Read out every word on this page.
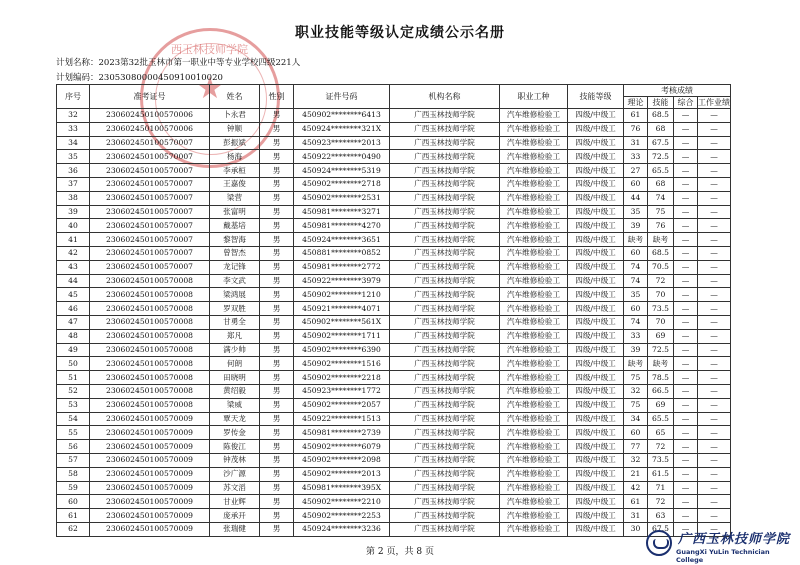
西玉林技师学院
★
职业技能等级认定成绩公示名册
计划名称：2023第32批玉林市第一职业中等专业学校四级221人
计划编码：23053080000450910010020
序号	准考证号	姓名	性别	证件号码	机构名称	职业工种	技能等级	考核成绩			
								理论	技能	综合	工作业绩
32	230602450100570006	卜永君	男	450902********6413	广西玉林技师学院	汽车维修检验工	四级/中级工	61	68.5	—	—
33	230602450100570006	钟顺	男	450924********321X	广西玉林技师学院	汽车维修检验工	四级/中级工	76	68	—	—
34	230602450100570007	彭振斌	男	450923********2013	广西玉林技师学院	汽车维修检验工	四级/中级工	31	67.5	—	—
35	230602450100570007	杨海	男	450922********0490	广西玉林技师学院	汽车维修检验工	四级/中级工	33	72.5	—	—
36	230602450100570007	李承桓	男	450924********5319	广西玉林技师学院	汽车维修检验工	四级/中级工	27	65.5	—	—
37	230602450100570007	王嘉俊	男	450902********2718	广西玉林技师学院	汽车维修检验工	四级/中级工	60	68	—	—
38	230602450100570007	梁营	男	450902********2531	广西玉林技师学院	汽车维修检验工	四级/中级工	44	74	—	—
39	230602450100570007	张富明	男	450981********3271	广西玉林技师学院	汽车维修检验工	四级/中级工	35	75	—	—
40	230602450100570007	戴基培	男	450981********4270	广西玉林技师学院	汽车维修检验工	四级/中级工	39	76	—	—
41	230602450100570007	黎智海	男	450924********3651	广西玉林技师学院	汽车维修检验工	四级/中级工	缺考	缺考	—	—
42	230602450100570007	曾智杰	男	450881********0852	广西玉林技师学院	汽车维修检验工	四级/中级工	60	68.5	—	—
43	230602450100570007	龙记锋	男	450981********2772	广西玉林技师学院	汽车维修检验工	四级/中级工	74	70.5	—	—
44	230602450100570008	李文武	男	450922********3979	广西玉林技师学院	汽车维修检验工	四级/中级工	74	72	—	—
45	230602450100570008	梁鸿展	男	450902********1210	广西玉林技师学院	汽车维修检验工	四级/中级工	35	70	—	—
46	230602450100570008	罗双胜	男	450921********4071	广西玉林技师学院	汽车维修检验工	四级/中级工	60	73.5	—	—
47	230602450100570008	甘勇全	男	450902********561X	广西玉林技师学院	汽车维修检验工	四级/中级工	74	70	—	—
48	230602450100570008	郑凡	男	450902********1711	广西玉林技师学院	汽车维修检验工	四级/中级工	33	69	—	—
49	230602450100570008	满少帅	男	450902********6390	广西玉林技师学院	汽车维修检验工	四级/中级工	39	72.5	—	—
50	230602450100570008	何朗	男	450902********1516	广西玉林技师学院	汽车维修检验工	四级/中级工	缺考	缺考	—	—
51	230602450100570008	田晓明	男	450902********2218	广西玉林技师学院	汽车维修检验工	四级/中级工	75	78.5	—	—
52	230602450100570008	黄绍毅	男	450923********1772	广西玉林技师学院	汽车维修检验工	四级/中级工	32	66.5	—	—
53	230602450100570008	梁威	男	450902********2057	广西玉林技师学院	汽车维修检验工	四级/中级工	75	69	—	—
54	230602450100570009	覃天龙	男	450922********1513	广西玉林技师学院	汽车维修检验工	四级/中级工	34	65.5	—	—
55	230602450100570009	罗传金	男	450981********2739	广西玉林技师学院	汽车维修检验工	四级/中级工	60	65	—	—
56	230602450100570009	陈俊江	男	450902********6079	广西玉林技师学院	汽车维修检验工	四级/中级工	77	72	—	—
57	230602450100570009	钟茂林	男	450902********2098	广西玉林技师学院	汽车维修检验工	四级/中级工	32	73.5	—	—
58	230602450100570009	沙广源	男	450902********2013	广西玉林技师学院	汽车维修检验工	四级/中级工	21	61.5	—	—
59	230602450100570009	苏文滔	男	450981********395X	广西玉林技师学院	汽车维修检验工	四级/中级工	42	71	—	—
60	230602450100570009	甘业辉	男	450902********2210	广西玉林技师学院	汽车维修检验工	四级/中级工	61	72	—	—
61	230602450100570009	庞承开	男	450902********2253	广西玉林技师学院	汽车维修检验工	四级/中级工	31	63	—	—
62	230602450100570009	张瑞健	男	450924********3236	广西玉林技师学院	汽车维修检验工	四级/中级工	30	67.5	—	—
第 2 页，共 8 页
广西玉林技师学院
GuangXi YuLin Technician College
